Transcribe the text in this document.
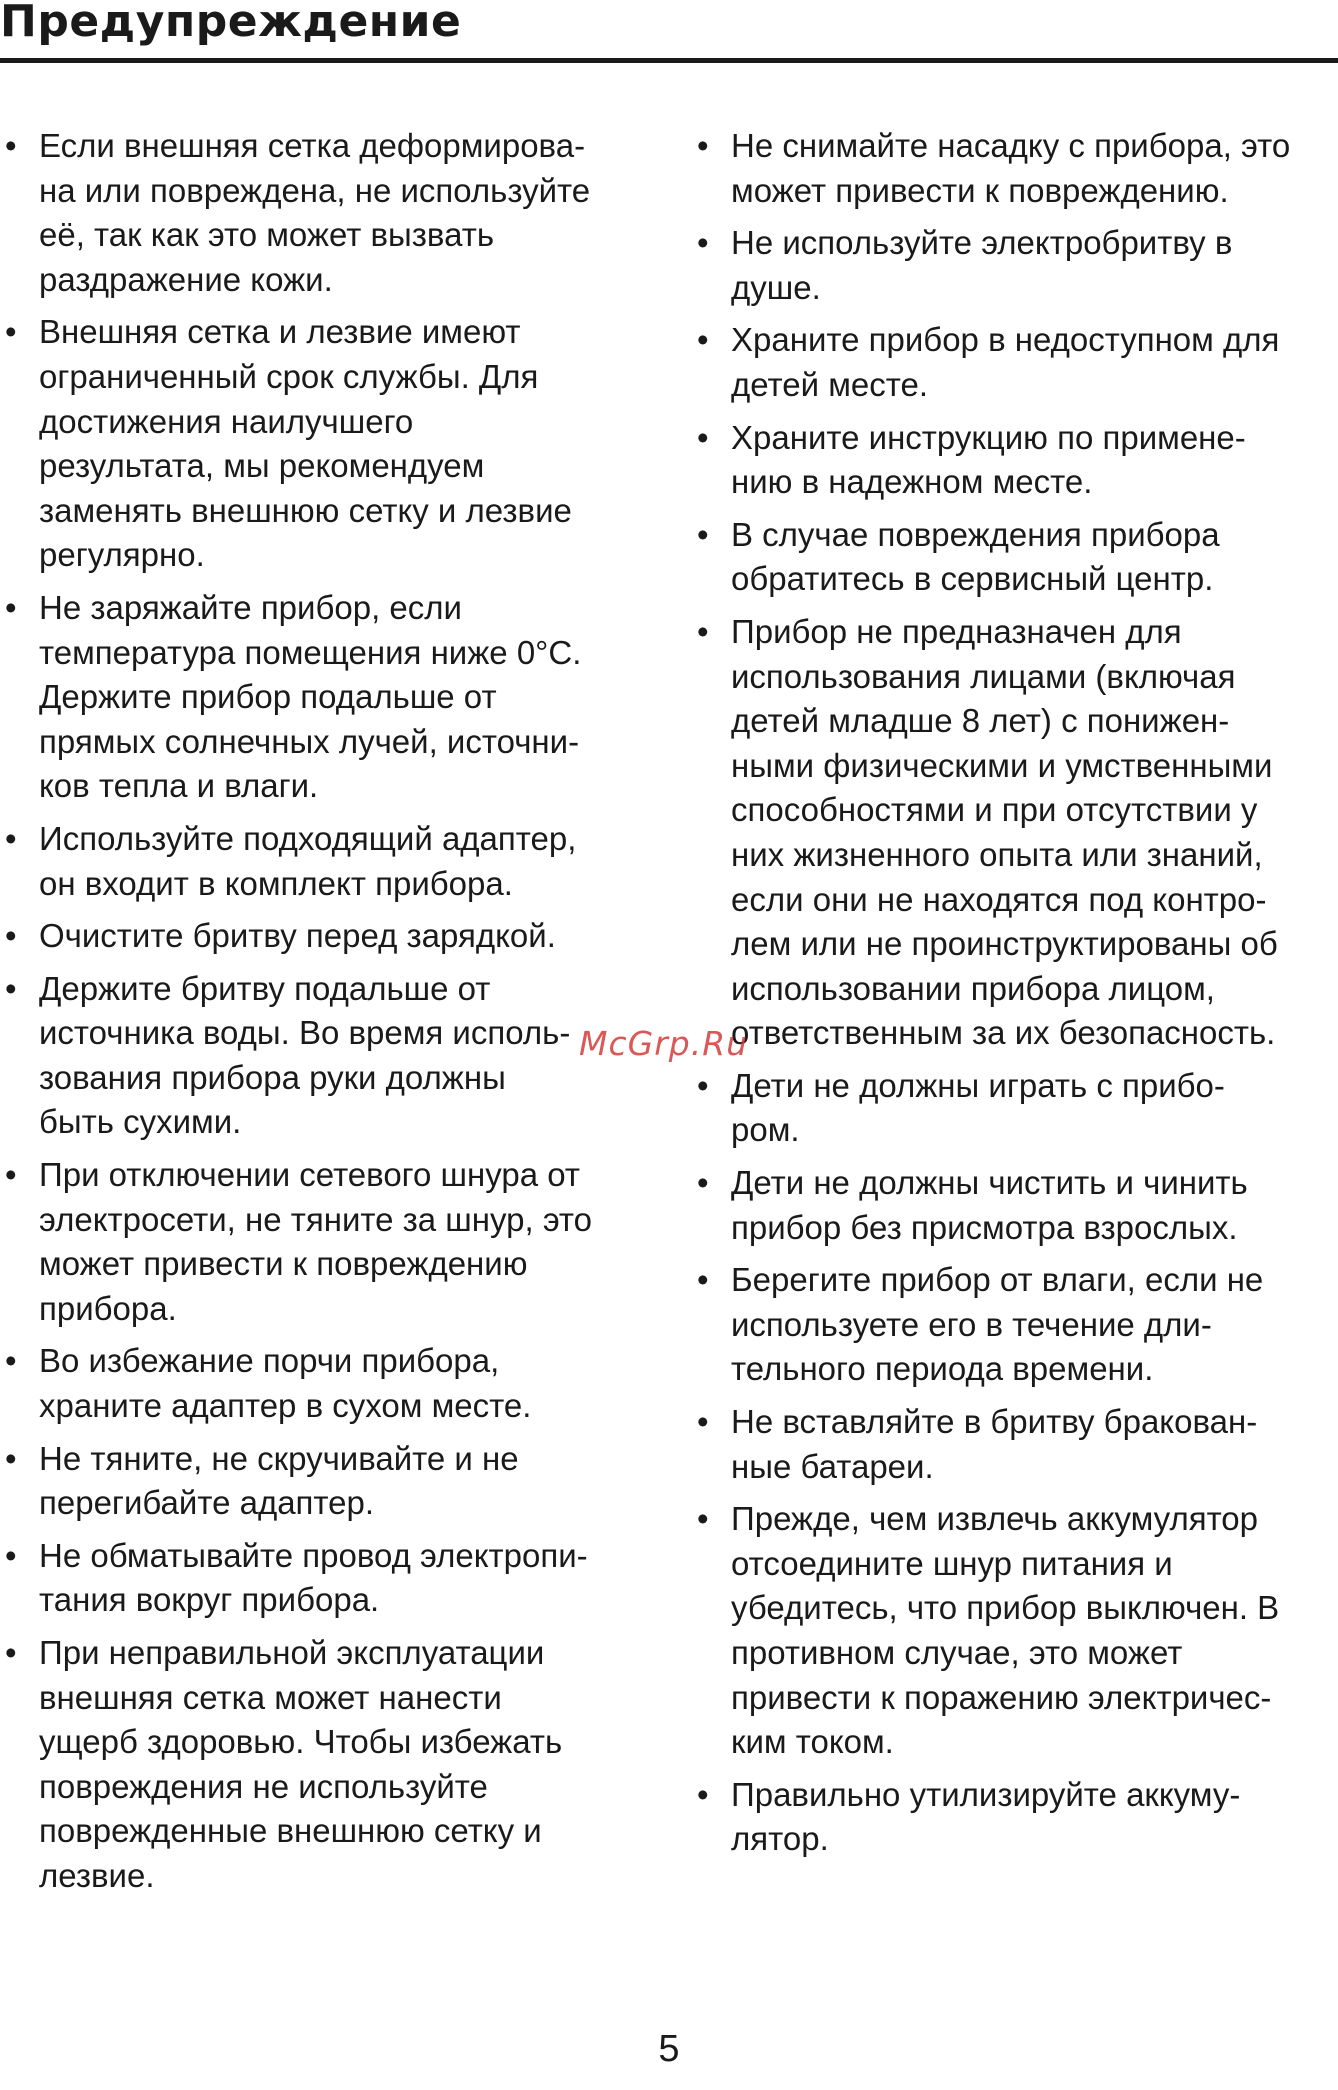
Предупреждение
• Если внешняя сетка деформирова-
на или повреждена, не используйте
eё, так как это может вызвать
раздражение кожи.
• Внешняя сетка и лезвие имеют
ограниченный срок службы. Для
достижения наилучшего
результата, мы рекомендуем
заменять внешнюю сетку и лезвие
регулярно.
• Не заряжайте прибор, если
температура помещения ниже 0°С.
Держите прибор подальше от
прямых солнечных лучей, источни-
ков тепла и влаги.
• Используйте подходящий адаптер,
он входит в комплект прибора.
• Очистите бритву перед зарядкой.
• Держите бритву подальше от
источника воды. Во время исполь-
зования прибора руки должны
быть сухими.
• При отключении сетевого шнура от
электросети, не тяните за шнур, это
может привести к повреждению
прибора.
• Во избежание порчи прибора,
храните адаптер в сухом месте.
• Не тяните, не скручивайте и не
перегибайте адаптер.
• Не обматывайте провод электропи-
тания вокруг прибора.
• При неправильной эксплуатации
внешняя сетка может нанести
ущерб здоровью. Чтобы избежать
повреждения не используйте
поврежденные внешнюю сетку и
лезвие.
• Не снимайте насадку с прибора, это
может привести к повреждению.
• Не используйте электробритву в
душе.
• Храните прибор в недоступном для
детей месте.
• Храните инструкцию по примене-
нию в надежном месте.
• В случае повреждения прибора
обратитесь в сервисный центр.
• Прибор не предназначен для
использования лицами (включая
детей младше 8 лет) с понижен-
ными физическими и умственными
способностями и при отсутствии у
них жизненного опыта или знаний,
если они не находятся под контро-
лем или не проинструктированы об
использовании прибора лицом,
ответственным за их безопасность.
• Дети не должны играть с прибо-
ром.
• Дети не должны чистить и чинить
прибор без присмотра взрослых.
• Берегите прибор от влаги, если не
используете его в течение дли-
тельного периода времени.
• Не вставляйте в бритву бракован-
ные батареи.
• Прежде, чем извлечь аккумулятор
отсоедините шнур питания и
убедитесь, что прибор выключен. В
противном случае, это может
привести к поражению электричес-
ким током.
• Правильно утилизируйте аккуму-
лятор.
McGrp.Ru
5
